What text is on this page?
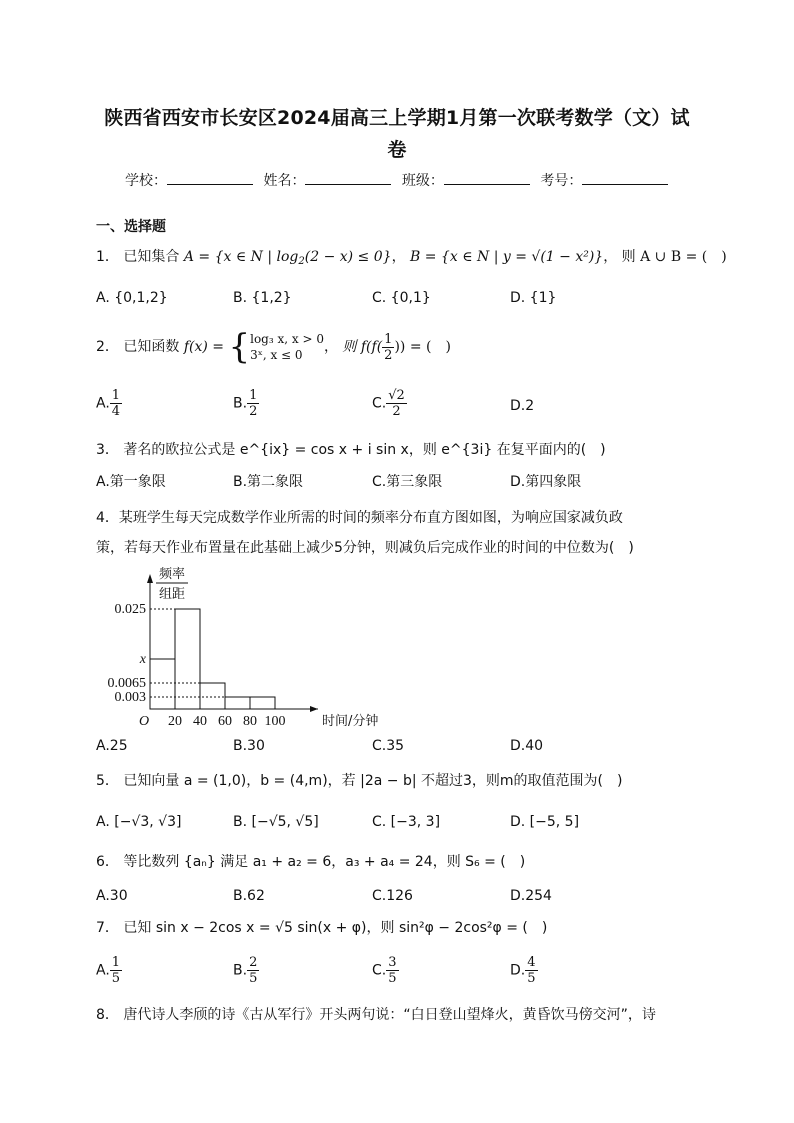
陕西省西安市长安区2024届高三上学期1月第一次联考数学（文）试
卷
学校：	姓名：	班级：	考号：
一、选择题
1． 已知集合 A = {x ∈ N | $\log_2(2 - x) \le 0$}， B = {x ∈ N | y = √(1 − x²)}， 则 A ∪ B = (　)
A. {0,1,2}	B. {1,2}	C. {0,1}	D. {1}
2． 已知函数 f(x) = { log₃ x, x > 0
3ˣ, x ≤ 0	， 则 $f(f( \frac{1}{2}$ )) = (　)
A. $\frac{1}{4}$	B. $\frac{1}{2}$	C. $\frac{√2}{2}$	D.2
3． 著名的欧拉公式是 e^{ix} = cos x + i sin x，则 e^{3i} 在复平面内的(　)
A.第一象限	B.第二象限	C.第三象限	D.第四象限
4．某班学生每天完成数学作业所需的时间的频率分布直方图如图，为响应国家减负政
策，若每天作业布置量在此基础上减少5分钟，则减负后完成作业的时间的中位数为(　)
0.025
x
0.0065
0.003
20 40 60 80 100
O	时间/分钟
频率
组距
A.25	B.30	C.35	D.40
5． 已知向量 a = (1,0)，b = (4,m)，若 |2a − b| 不超过3，则m的取值范围为(　)
A. [−√3, √3]	B. [−√5, √5]	C. [−3, 3]	D. [−5, 5]
6． 等比数列 {aₙ} 满足 a₁ + a₂ = 6，a₃ + a₄ = 24，则 S₆ = (　)
A.30	B.62	C.126	D.254
7． 已知 sin x − 2cos x = √5 sin(x + φ)，则 sin²φ − 2cos²φ = (　)
A. $\frac{1}{5}$	B. $\frac{2}{5}$	C. $\frac{3}{5}$	D. $\frac{4}{5}$
8． 唐代诗人李颀的诗《古从军行》开头两句说：“白日登山望烽火，黄昏饮马傍交河”，诗
